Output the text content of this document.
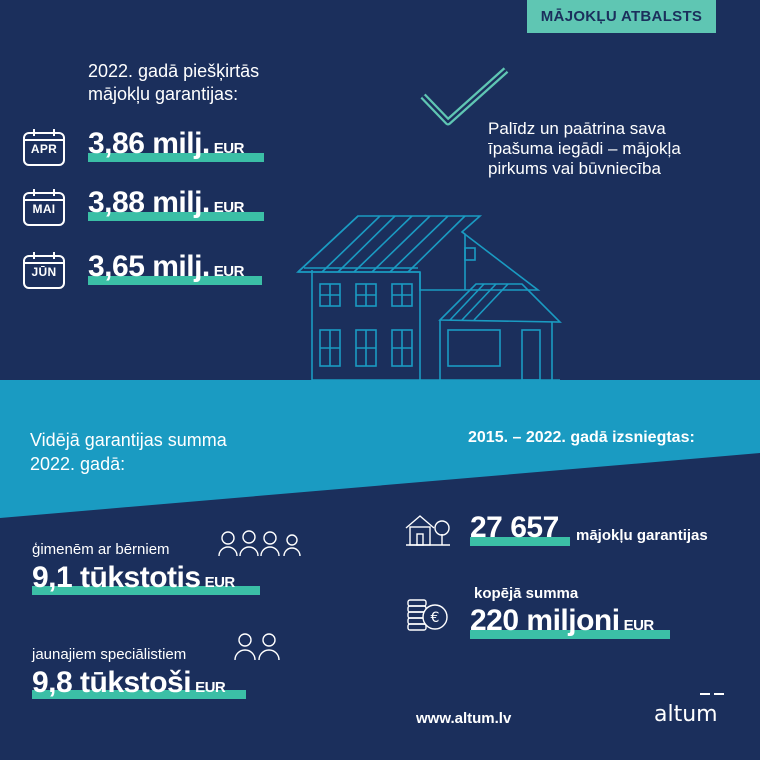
MĀJOKĻU ATBALSTS
2022. gadā piešķirtās
mājokļu garantijas:
APR 3,86 milj. EUR
MAI	3,88 milj. EUR
JŪN	3,65 milj. EUR
Palīdz un paātrina sava
īpašuma iegādi – mājokļa
pirkums vai būvniecība
Vidējā garantijas summa
2022. gadā:
2015. – 2022. gadā izsniegtas:
ģimenēm ar bērniem
9,1 tūkstotis EUR
jaunajiem speciālistiem
9,8 tūkstoši EUR
27 657 mājokļu garantijas
€
kopējā summa
220 miljoni EUR
www.altum.lv	altum
